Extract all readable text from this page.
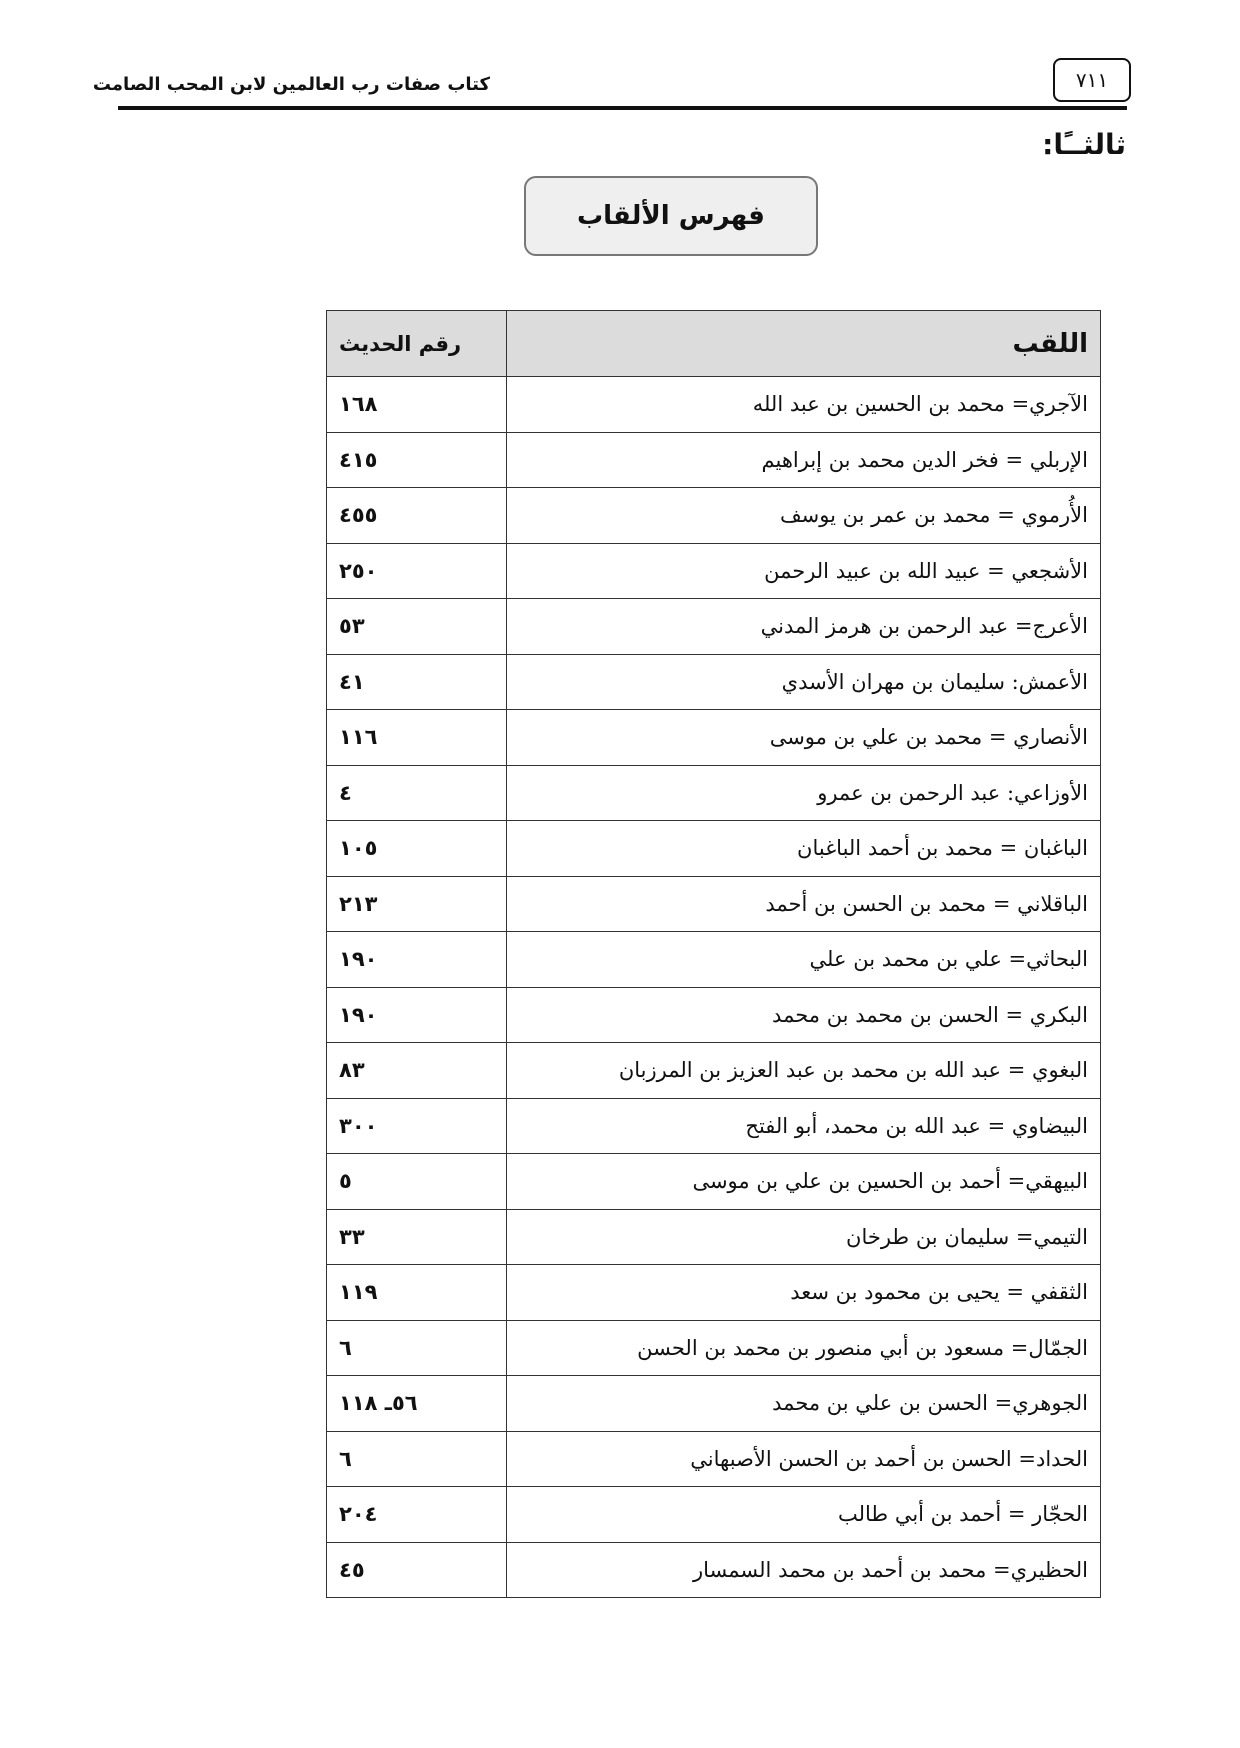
٧١١
كتاب صفات رب العالمين لابن المحب الصامت
ثالثــًا:
فهرس الألقاب
اللقب	رقم الحديث
الآجري= محمد بن الحسين بن عبد الله	١٦٨
الإربلي = فخر الدين محمد بن إبراهيم	٤١٥
الأُرموي = محمد بن عمر بن يوسف	٤٥٥
الأشجعي = عبيد الله بن عبيد الرحمن	٢٥٠
الأعرج= عبد الرحمن بن هرمز المدني	٥٣
الأعمش: سليمان بن مهران الأسدي	٤١
الأنصاري = محمد بن علي بن موسى	١١٦
الأوزاعي: عبد الرحمن بن عمرو	٤
الباغبان = محمد بن أحمد الباغبان	١٠٥
الباقلاني = محمد بن الحسن بن أحمد	٢١٣
البحاثي= علي بن محمد بن علي	١٩٠
البكري = الحسن بن محمد بن محمد	١٩٠
البغوي = عبد الله بن محمد بن عبد العزيز بن المرزبان	٨٣
البيضاوي = عبد الله بن محمد، أبو الفتح	٣٠٠
البيهقي= أحمد بن الحسين بن علي بن موسى	٥
التيمي= سليمان بن طرخان	٣٣
الثقفي = يحيى بن محمود بن سعد	١١٩
الجمّال= مسعود بن أبي منصور بن محمد بن الحسن	٦
الجوهري= الحسن بن علي بن محمد	٥٦ـ ١١٨
الحداد= الحسن بن أحمد بن الحسن الأصبهاني	٦
الحجّار = أحمد بن أبي طالب	٢٠٤
الحظيري= محمد بن أحمد بن محمد السمسار	٤٥
